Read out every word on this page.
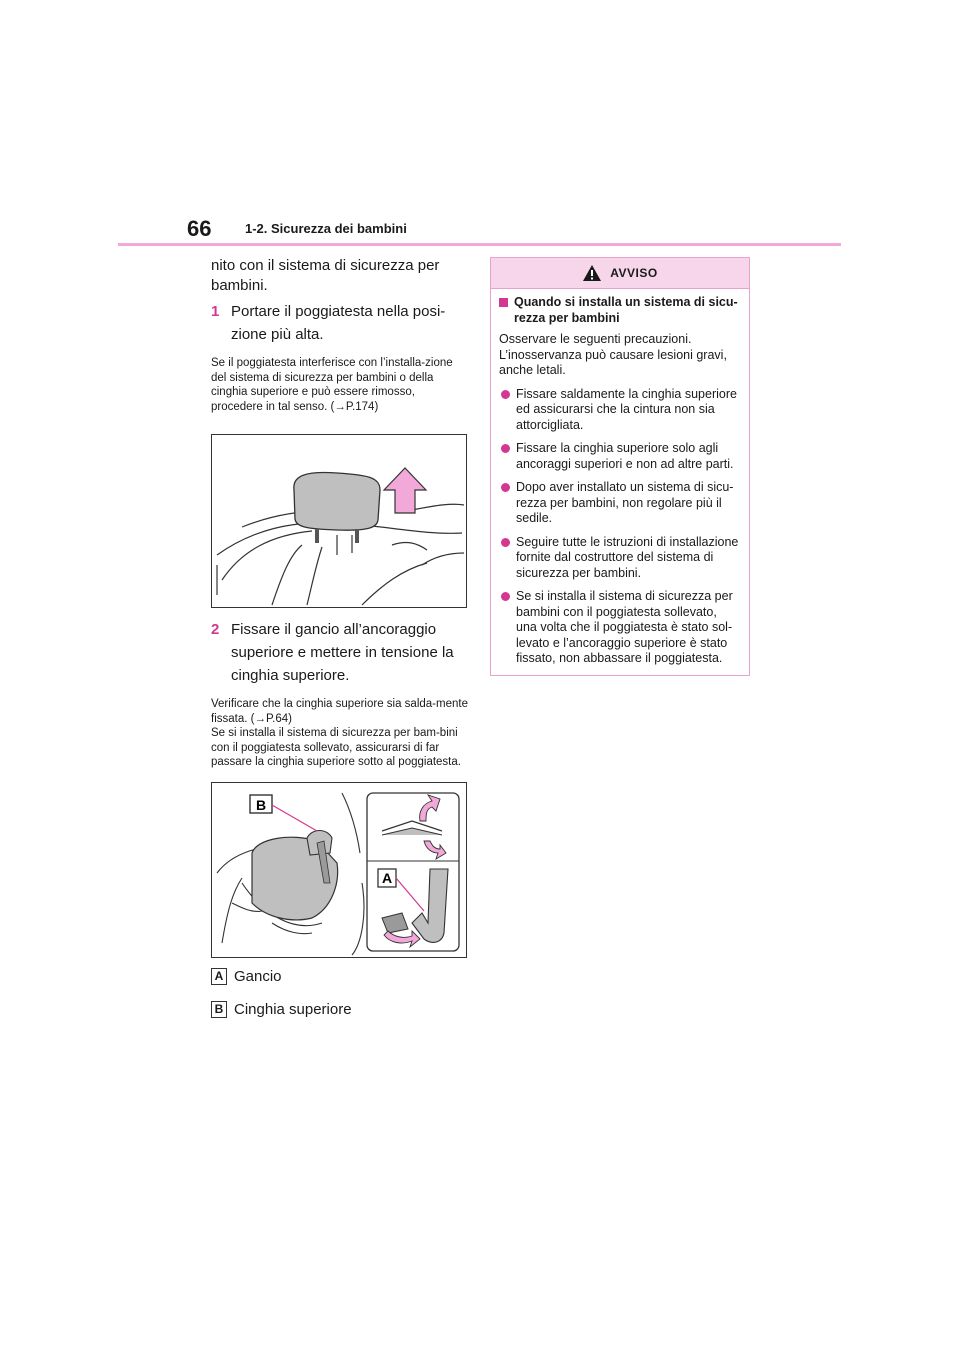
66	1-2. Sicurezza dei bambini

nito con il sistema di sicurezza per bambini.

1 Portare il poggiatesta nella posi-zione più alta.

Se il poggiatesta interferisce con l’installa-zione del sistema di sicurezza per bambini o della cinghia superiore e può essere rimosso, procedere in tal senso. (→P.174)

2 Fissare il gancio all’ancoraggio superiore e mettere in tensione la cinghia superiore.

Verificare che la cinghia superiore sia salda-mente fissata. (→P.64)

Se si installa il sistema di sicurezza per bam-bini con il poggiatesta sollevato, assicurarsi di far passare la cinghia superiore sotto al poggiatesta.

B
A
A Gancio
B Cinghia superiore
AVVISO
Quando si installa un sistema di sicu-rezza per bambini

Osservare le seguenti precauzioni. L’inosservanza può causare lesioni gravi, anche letali.

Fissare saldamente la cinghia superiore ed assicurarsi che la cintura non sia attorcigliata.
Fissare la cinghia superiore solo agli ancoraggi superiori e non ad altre parti.
Dopo aver installato un sistema di sicu-rezza per bambini, non regolare più il sedile.
Seguire tutte le istruzioni di installazione fornite dal costruttore del sistema di sicurezza per bambini.
Se si installa il sistema di sicurezza per bambini con il poggiatesta sollevato, una volta che il poggiatesta è stato sol-levato e l’ancoraggio superiore è stato fissato, non abbassare il poggiatesta.
